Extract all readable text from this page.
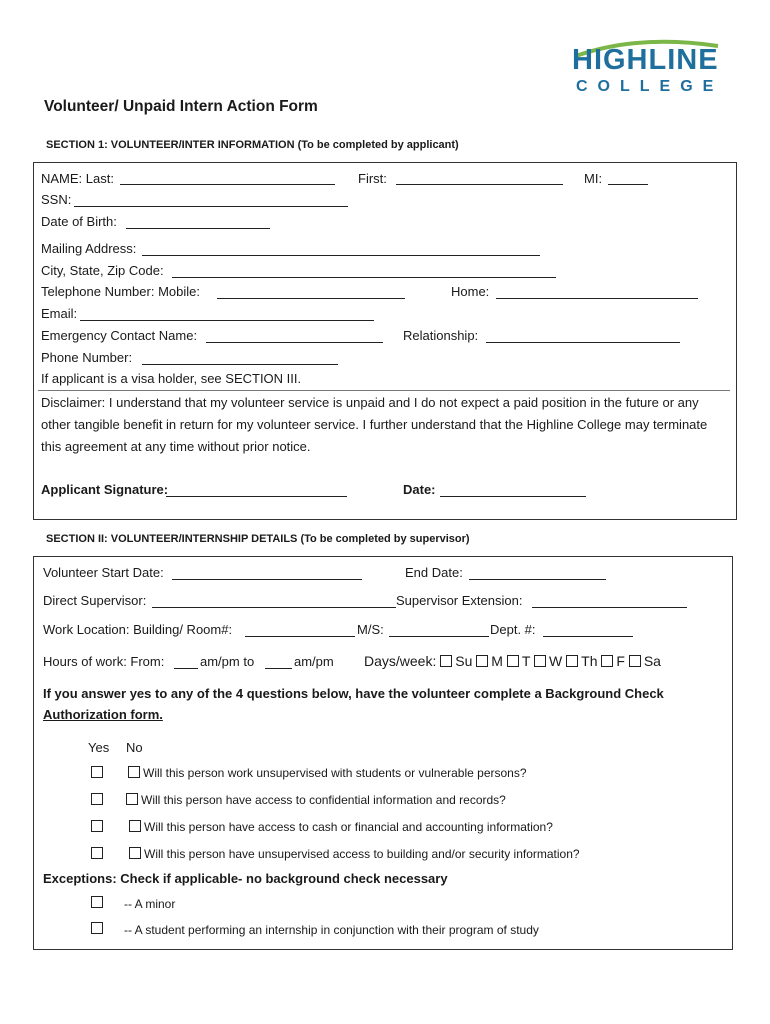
HIGHLINE
COLLEGE
Volunteer/ Unpaid Intern Action Form
SECTION 1: VOLUNTEER/INTER INFORMATION (To be completed by applicant)
NAME: Last:	First:	MI:
SSN:
Date of Birth:
Mailing Address:
City, State, Zip Code:
Telephone Number: Mobile:	Home:
Email:
Emergency Contact Name:	Relationship:
Phone Number:
If applicant is a visa holder, see SECTION III.
Disclaimer: I understand that my volunteer service is unpaid and I do not expect a paid position in the future or any other tangible benefit in return for my volunteer service. I further understand that the Highline College may terminate this agreement at any time without prior notice.
Applicant Signature:	Date:
SECTION II: VOLUNTEER/INTERNSHIP DETAILS (To be completed by supervisor)
Volunteer Start Date:	End Date:
Direct Supervisor:	Supervisor Extension:
Work Location: Building/ Room#:	M/S:	Dept. #:
Hours of work: From:	am/pm to	am/pm Days/week: Su M T W Th F Sa
If you answer yes to any of the 4 questions below, have the volunteer complete a Background Check
Authorization form.
Yes No
Will this person work unsupervised with students or vulnerable persons?
Will this person have access to confidential information and records?
Will this person have access to cash or financial and accounting information?
Will this person have unsupervised access to building and/or security information?
Exceptions: Check if applicable- no background check necessary
-- A minor
-- A student performing an internship in conjunction with their program of study
